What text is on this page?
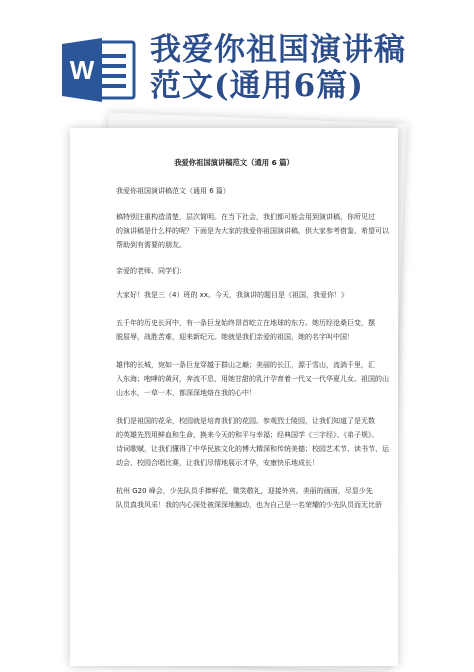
W
我爱你祖国演讲稿
范文(通用6篇)
我爱你祖国演讲稿范文（通用 6 篇）
我爱你祖国演讲稿范文（通用 6 篇）
稿特别注重构造清楚，层次简明。在当下社会，我们都可能会用到演讲稿，你所见过
的演讲稿是什么样的呢？下面是为大家的我爱你祖国演讲稿，供大家参考借鉴，希望可以
帮助到有需要的朋友。
亲爱的老师、同学们：
大家好！我是三（4）班的 xx。今天，我演讲的题目是《祖国，我爱你！》
五千年的历史长河中，有一条巨龙始终昂首屹立在地球的东方。她历经沧桑巨变，摆
脱屈辱，战胜苦难，迎来新纪元。她就是我们亲爱的祖国，她的名字叫中国！
雄伟的长城，宛如一条巨龙穿越于群山之巅；美丽的长江，源于雪山，流淌千里，汇
入东海；咆哮的黄河，奔流不息，用她甘甜的乳汁孕育着一代又一代华夏儿女。祖国的山
山水水，一草一木，都深深地烙在我的心中！
我们是祖国的花朵，校园就是培育我们的花园。参观烈士陵园，让我们知道了是无数
的英雄先烈用鲜血和生命，换来今天的和平与幸福；经典国学《三字经》、《弟子规》、
诗词歌赋，让我们懂得了中华民族文化的博大精深和传统美德；校园艺术节、读书节、运
动会、校园合唱比赛，让我们尽情地展示才华，安康快乐地成长！
杭州 G20 峰会，少先队员手捧鲜花，微笑敬礼，迎接外宾。美丽的画面，尽显少先
队员真我风采！我的内心深处被深深地触动，也为自己是一名荣耀的少先队员而无比骄
